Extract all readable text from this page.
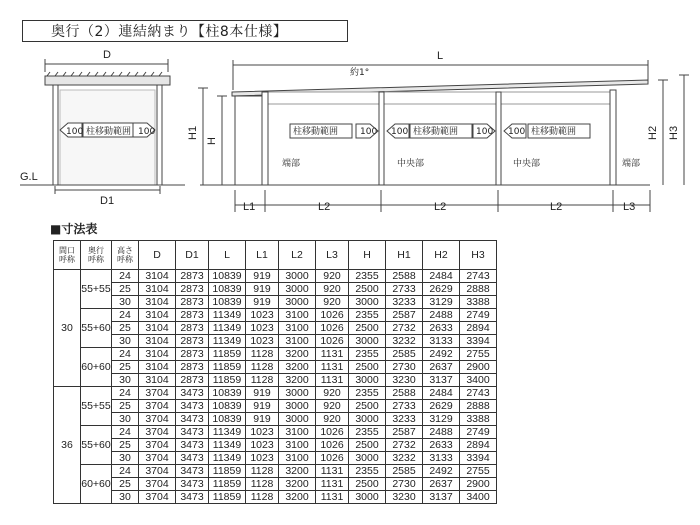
奥行（2）連結納まり【柱8本仕様】
D
D1
G.L
100	100
柱移動範囲
L
約1°
H1
H
H2 H3
L1	L2	L2	L2	L3
柱移動範囲 100 100 柱移動範囲 100 100 柱移動範囲
端部	中央部	中央部	端部
■寸法表
間口
呼称	奥行
呼称	高さ
呼称	D	D1	L	L1	L2	L3	H	H1	H2	H3
30	55+55	24	3104	2873	10839	919	3000	920	2355	2588	2484	2743
		25	3104	2873	10839	919	3000	920	2500	2733	2629	2888
		30	3104	2873	10839	919	3000	920	3000	3233	3129	3388
	55+60	24	3104	2873	11349	1023	3100	1026	2355	2587	2488	2749
		25	3104	2873	11349	1023	3100	1026	2500	2732	2633	2894
		30	3104	2873	11349	1023	3100	1026	3000	3232	3133	3394
	60+60	24	3104	2873	11859	1128	3200	1131	2355	2585	2492	2755
		25	3104	2873	11859	1128	3200	1131	2500	2730	2637	2900
		30	3104	2873	11859	1128	3200	1131	3000	3230	3137	3400
36	55+55	24	3704	3473	10839	919	3000	920	2355	2588	2484	2743
		25	3704	3473	10839	919	3000	920	2500	2733	2629	2888
		30	3704	3473	10839	919	3000	920	3000	3233	3129	3388
	55+60	24	3704	3473	11349	1023	3100	1026	2355	2587	2488	2749
		25	3704	3473	11349	1023	3100	1026	2500	2732	2633	2894
		30	3704	3473	11349	1023	3100	1026	3000	3232	3133	3394
	60+60	24	3704	3473	11859	1128	3200	1131	2355	2585	2492	2755
		25	3704	3473	11859	1128	3200	1131	2500	2730	2637	2900
		30	3704	3473	11859	1128	3200	1131	3000	3230	3137	3400
